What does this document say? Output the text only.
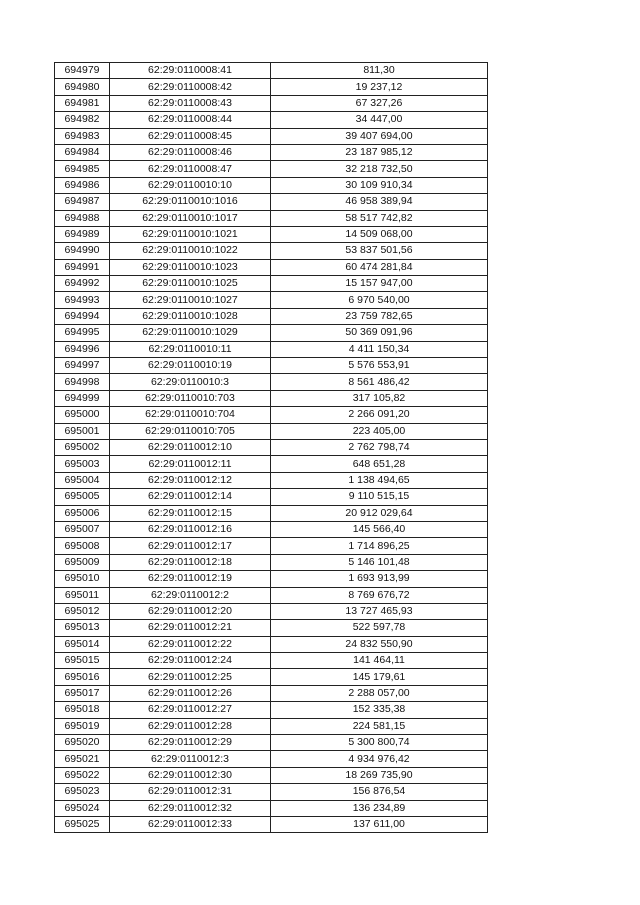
694979	62:29:0110008:41	811,30
694980	62:29:0110008:42	19 237,12
694981	62:29:0110008:43	67 327,26
694982	62:29:0110008:44	34 447,00
694983	62:29:0110008:45	39 407 694,00
694984	62:29:0110008:46	23 187 985,12
694985	62:29:0110008:47	32 218 732,50
694986	62:29:0110010:10	30 109 910,34
694987	62:29:0110010:1016	46 958 389,94
694988	62:29:0110010:1017	58 517 742,82
694989	62:29:0110010:1021	14 509 068,00
694990	62:29:0110010:1022	53 837 501,56
694991	62:29:0110010:1023	60 474 281,84
694992	62:29:0110010:1025	15 157 947,00
694993	62:29:0110010:1027	6 970 540,00
694994	62:29:0110010:1028	23 759 782,65
694995	62:29:0110010:1029	50 369 091,96
694996	62:29:0110010:11	4 411 150,34
694997	62:29:0110010:19	5 576 553,91
694998	62:29:0110010:3	8 561 486,42
694999	62:29:0110010:703	317 105,82
695000	62:29:0110010:704	2 266 091,20
695001	62:29:0110010:705	223 405,00
695002	62:29:0110012:10	2 762 798,74
695003	62:29:0110012:11	648 651,28
695004	62:29:0110012:12	1 138 494,65
695005	62:29:0110012:14	9 110 515,15
695006	62:29:0110012:15	20 912 029,64
695007	62:29:0110012:16	145 566,40
695008	62:29:0110012:17	1 714 896,25
695009	62:29:0110012:18	5 146 101,48
695010	62:29:0110012:19	1 693 913,99
695011	62:29:0110012:2	8 769 676,72
695012	62:29:0110012:20	13 727 465,93
695013	62:29:0110012:21	522 597,78
695014	62:29:0110012:22	24 832 550,90
695015	62:29:0110012:24	141 464,11
695016	62:29:0110012:25	145 179,61
695017	62:29:0110012:26	2 288 057,00
695018	62:29:0110012:27	152 335,38
695019	62:29:0110012:28	224 581,15
695020	62:29:0110012:29	5 300 800,74
695021	62:29:0110012:3	4 934 976,42
695022	62:29:0110012:30	18 269 735,90
695023	62:29:0110012:31	156 876,54
695024	62:29:0110012:32	136 234,89
695025	62:29:0110012:33	137 611,00
